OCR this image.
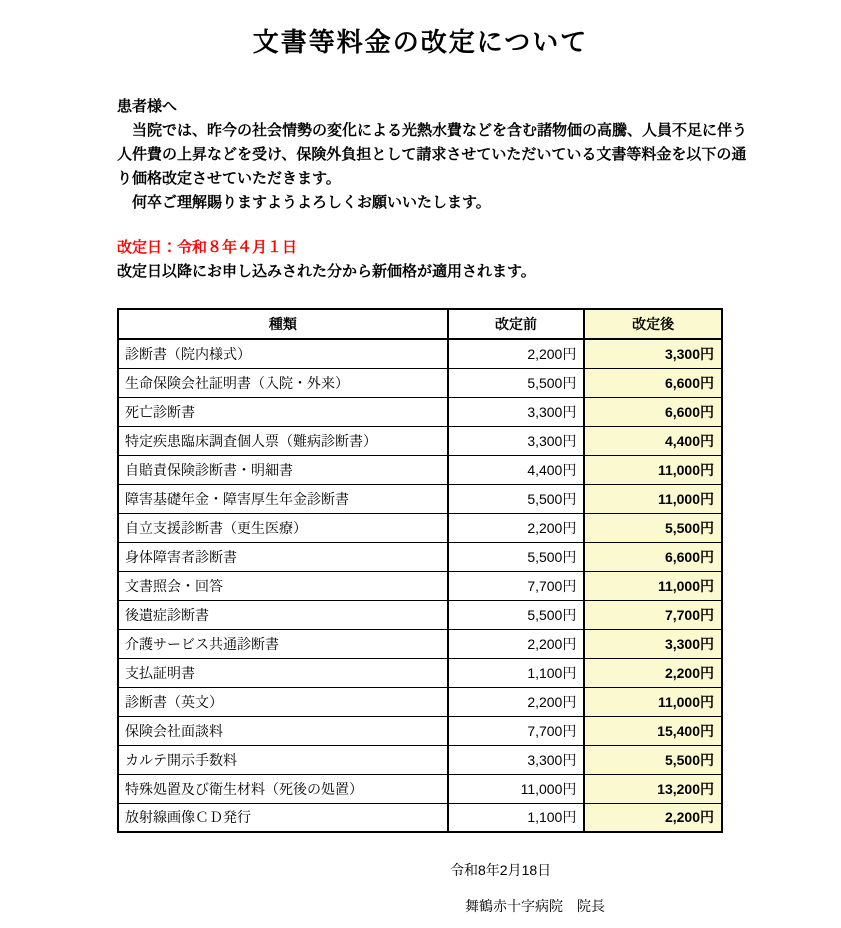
文書等料金の改定について
患者様へ
　当院では、昨今の社会情勢の変化による光熱水費などを含む諸物価の高騰、人員不足に伴う
人件費の上昇などを受け、保険外負担として請求させていただいている文書等料金を以下の通
り価格改定させていただきます。
　何卒ご理解賜りますようよろしくお願いいたします。
改定日：令和８年４月１日
改定日以降にお申し込みされた分から新価格が適用されます。
種類	改定前	改定後
診断書（院内様式）	2,200円	3,300円
生命保険会社証明書（入院・外来）	5,500円	6,600円
死亡診断書	3,300円	6,600円
特定疾患臨床調査個人票（難病診断書）	3,300円	4,400円
自賠責保険診断書・明細書	4,400円	11,000円
障害基礎年金・障害厚生年金診断書	5,500円	11,000円
自立支援診断書（更生医療）	2,200円	5,500円
身体障害者診断書	5,500円	6,600円
文書照会・回答	7,700円	11,000円
後遺症診断書	5,500円	7,700円
介護サービス共通診断書	2,200円	3,300円
支払証明書	1,100円	2,200円
診断書（英文）	2,200円	11,000円
保険会社面談料	7,700円	15,400円
カルテ開示手数料	3,300円	5,500円
特殊処置及び衛生材料（死後の処置）	11,000円	13,200円
放射線画像ＣＤ発行	1,100円	2,200円
令和8年2月18日
舞鶴赤十字病院　院長
